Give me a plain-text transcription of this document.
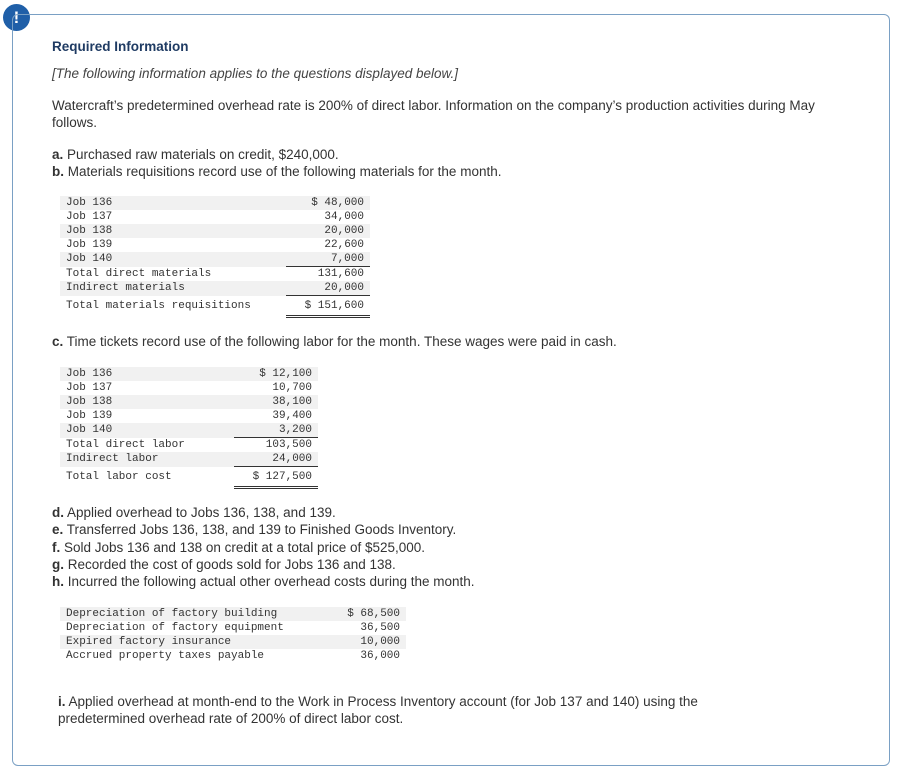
!
Required Information
[The following information applies to the questions displayed below.]
Watercraft’s predetermined overhead rate is 200% of direct labor. Information on the company’s production activities during May follows.
a. Purchased raw materials on credit, $240,000.
b. Materials requisitions record use of the following materials for the month.
Job 136	$ 48,000
Job 137	34,000
Job 138	20,000
Job 139	22,600
Job 140	7,000
Total direct materials	131,600
Indirect materials	20,000
Total materials requisitions	$ 151,600
c. Time tickets record use of the following labor for the month. These wages were paid in cash.
Job 136	$ 12,100
Job 137	10,700
Job 138	38,100
Job 139	39,400
Job 140	3,200
Total direct labor	103,500
Indirect labor	24,000
Total labor cost	$ 127,500
d. Applied overhead to Jobs 136, 138, and 139.
e. Transferred Jobs 136, 138, and 139 to Finished Goods Inventory.
f. Sold Jobs 136 and 138 on credit at a total price of $525,000.
g. Recorded the cost of goods sold for Jobs 136 and 138.
h. Incurred the following actual other overhead costs during the month.
Depreciation of factory building	$ 68,500
Depreciation of factory equipment	36,500
Expired factory insurance	10,000
Accrued property taxes payable	36,000
i. Applied overhead at month-end to the Work in Process Inventory account (for Job 137 and 140) using the predetermined overhead rate of 200% of direct labor cost.
